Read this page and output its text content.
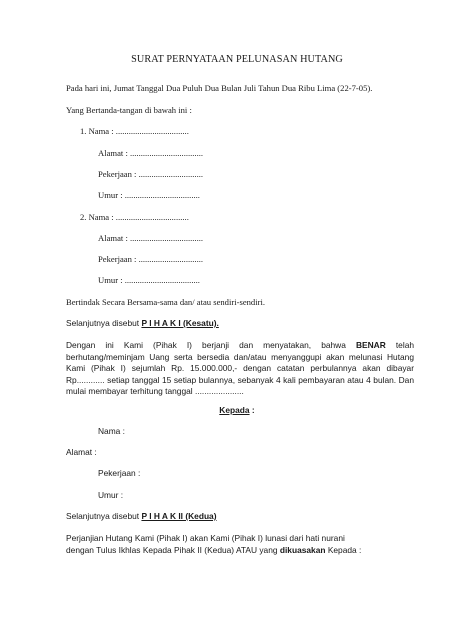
SURAT PERNYATAAN PELUNASAN HUTANG
Pada hari ini, Jumat Tanggal Dua Puluh Dua Bulan Juli Tahun Dua Ribu Lima (22-7-05).
Yang Bertanda-tangan di bawah ini :
1. Nama : ..................................
Alamat : ..................................
Pekerjaan : ..............................
Umur : ...................................
2. Nama : ..................................
Alamat : ..................................
Pekerjaan : ..............................
Umur : ...................................
Bertindak Secara Bersama-sama dan/ atau sendiri-sendiri.
Selanjutnya disebut P I H A K I (Kesatu).
Dengan ini Kami (Pihak I) berjanji dan menyatakan, bahwa BENAR telah berhutang/meminjam Uang serta bersedia dan/atau menyanggupi akan melunasi Hutang Kami (Pihak I) sejumlah Rp. 15.000.000,- dengan catatan perbulannya akan dibayar Rp............ setiap tanggal 15 setiap bulannya, sebanyak 4 kali pembayaran atau 4 bulan. Dan mulai membayar terhitung tanggal .....................
Kepada :
Nama :
Alamat :
Pekerjaan :
Umur :
Selanjutnya disebut P I H A K II (Kedua)
Perjanjian Hutang Kami (Pihak I) akan Kami (Pihak I) lunasi dari hati nurani
dengan Tulus Ikhlas Kepada Pihak II (Kedua) ATAU yang dikuasakan Kepada :
